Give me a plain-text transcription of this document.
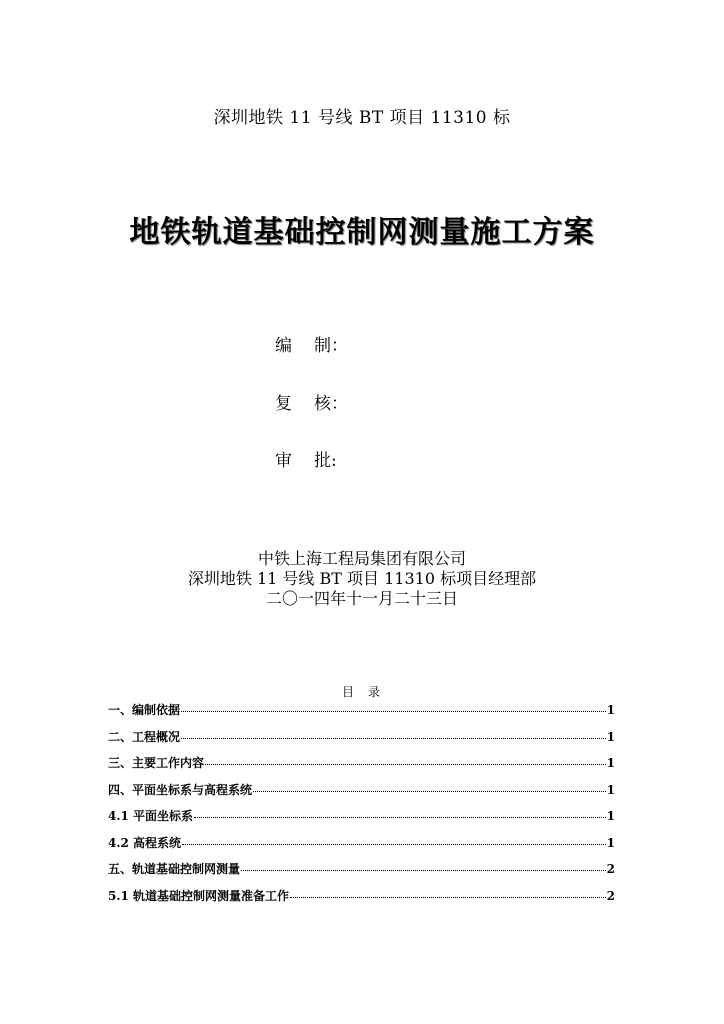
深圳地铁 11 号线 BT 项目 11310 标
地铁轨道基础控制网测量施工方案
编 制：
复 核：
审 批:
中铁上海工程局集团有限公司
深圳地铁 11 号线 BT 项目 11310 标项目经理部
二〇一四年十一月二十三日
目 录
一、编制依据	1
二、工程概况	1
三、主要工作内容	1
四、平面坐标系与高程系统	1
4.1 平面坐标系	1
4.2 高程系统	1
五、轨道基础控制网测量	2
5.1 轨道基础控制网测量准备工作	2
